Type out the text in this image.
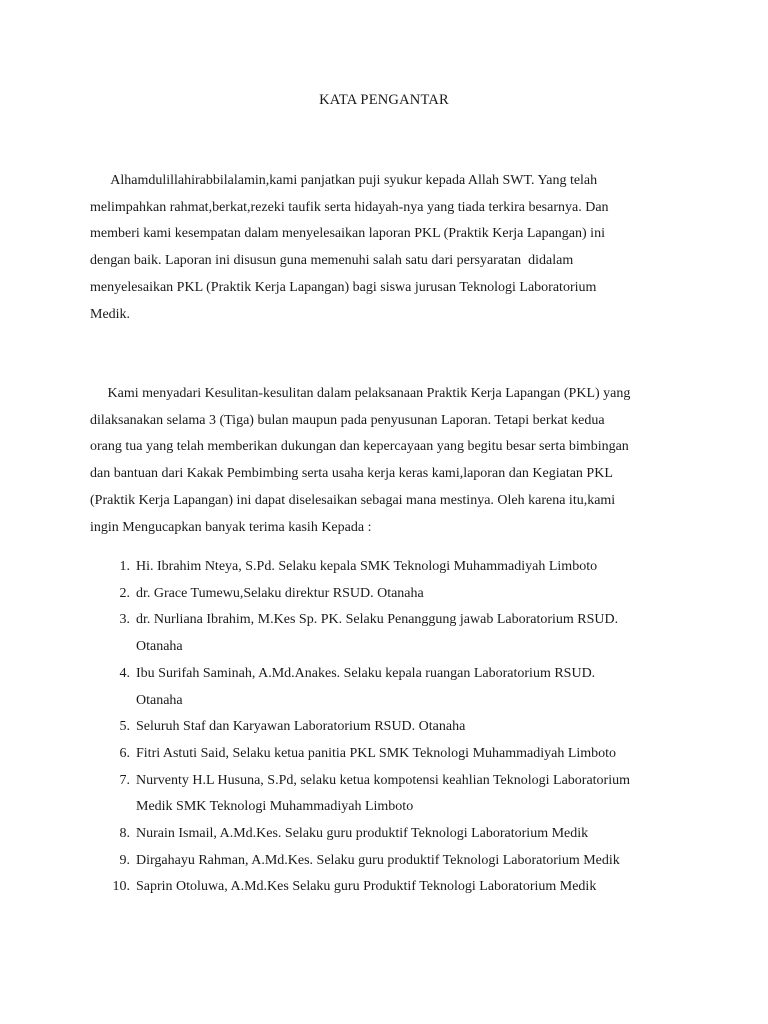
KATA PENGANTAR

Alhamdulillahirabbilalamin,kami panjatkan puji syukur kepada Allah SWT. Yang telah
melimpahkan rahmat,berkat,rezeki taufik serta hidayah-nya yang tiada terkira besarnya. Dan
memberi kami kesempatan dalam menyelesaikan laporan PKL (Praktik Kerja Lapangan) ini
dengan baik. Laporan ini disusun guna memenuhi salah satu dari persyaratan  didalam
menyelesaikan PKL (Praktik Kerja Lapangan) bagi siswa jurusan Teknologi Laboratorium
Medik.

Kami menyadari Kesulitan-kesulitan dalam pelaksanaan Praktik Kerja Lapangan (PKL) yang
dilaksanakan selama 3 (Tiga) bulan maupun pada penyusunan Laporan. Tetapi berkat kedua
orang tua yang telah memberikan dukungan dan kepercayaan yang begitu besar serta bimbingan
dan bantuan dari Kakak Pembimbing serta usaha kerja keras kami,laporan dan Kegiatan PKL
(Praktik Kerja Lapangan) ini dapat diselesaikan sebagai mana mestinya. Oleh karena itu,kami
ingin Mengucapkan banyak terima kasih Kepada :

1. Hi. Ibrahim Nteya, S.Pd. Selaku kepala SMK Teknologi Muhammadiyah Limboto
2. dr. Grace Tumewu,Selaku direktur RSUD. Otanaha
3. dr. Nurliana Ibrahim, M.Kes Sp. PK. Selaku Penanggung jawab Laboratorium RSUD.
Otanaha
4. Ibu Surifah Saminah, A.Md.Anakes. Selaku kepala ruangan Laboratorium RSUD.
Otanaha
5. Seluruh Staf dan Karyawan Laboratorium RSUD. Otanaha
6. Fitri Astuti Said, Selaku ketua panitia PKL SMK Teknologi Muhammadiyah Limboto
7. Nurventy H.L Husuna, S.Pd, selaku ketua kompotensi keahlian Teknologi Laboratorium
Medik SMK Teknologi Muhammadiyah Limboto
8. Nurain Ismail, A.Md.Kes. Selaku guru produktif Teknologi Laboratorium Medik
9. Dirgahayu Rahman, A.Md.Kes. Selaku guru produktif Teknologi Laboratorium Medik
10. Saprin Otoluwa, A.Md.Kes Selaku guru Produktif Teknologi Laboratorium Medik
